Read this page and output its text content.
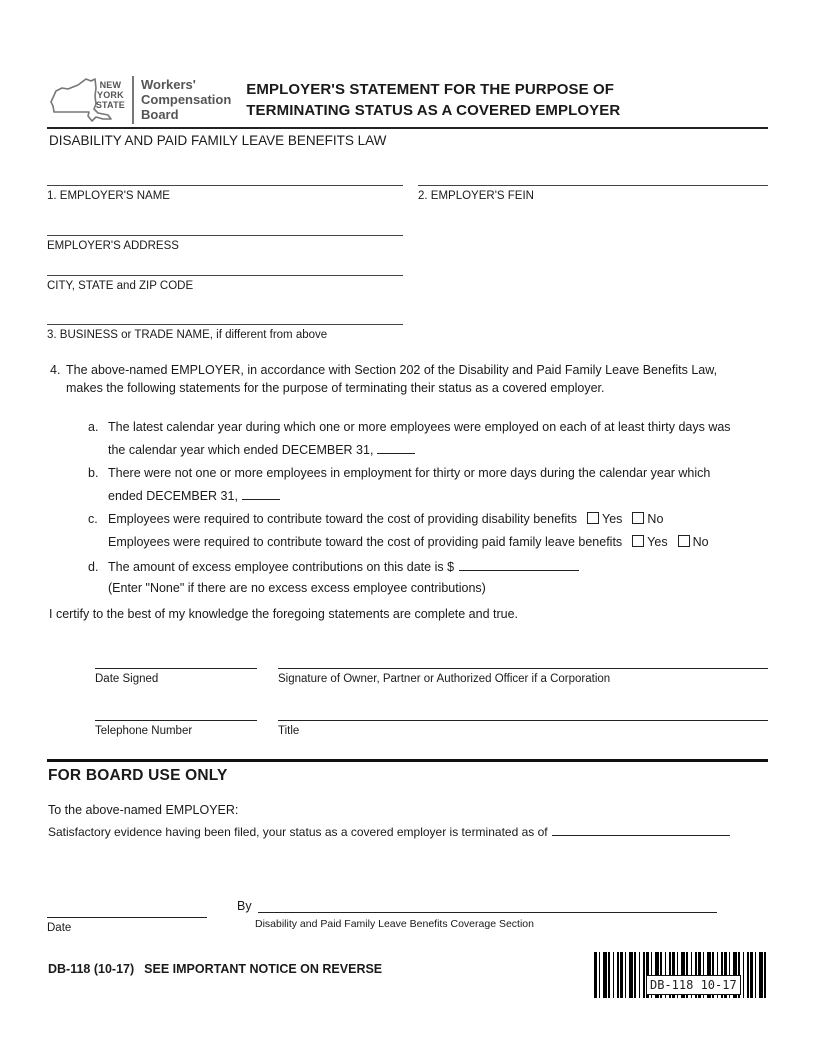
NEW
YORK
STATE
Workers'
Compensation
Board
EMPLOYER'S STATEMENT FOR THE PURPOSE OF
TERMINATING STATUS AS A COVERED EMPLOYER
DISABILITY AND PAID FAMILY LEAVE BENEFITS LAW
1. EMPLOYER'S NAME	2. EMPLOYER'S FEIN
EMPLOYER'S ADDRESS
CITY, STATE and ZIP CODE
3. BUSINESS or TRADE NAME, if different from above
4. The above-named EMPLOYER, in accordance with Section 202 of the Disability and Paid Family Leave Benefits Law,
makes the following statements for the purpose of terminating their status as a covered employer.
a. The latest calendar year during which one or more employees were employed on each of at least thirty days was
the calendar year which ended DECEMBER 31,
b. There were not one or more employees in employment for thirty or more days during the calendar year which
ended DECEMBER 31,
c. Employees were required to contribute toward the cost of providing disability benefits Yes No
Employees were required to contribute toward the cost of providing paid family leave benefits Yes No
d. The amount of excess employee contributions on this date is $
(Enter "None" if there are no excess excess employee contributions)
I certify to the best of my knowledge the foregoing statements are complete and true.
Date Signed	Signature of Owner, Partner or Authorized Officer if a Corporation
Telephone Number	Title
FOR BOARD USE ONLY
To the above-named EMPLOYER:
Satisfactory evidence having been filed, your status as a covered employer is terminated as of
Date
By
Disability and Paid Family Leave Benefits Coverage Section
DB-118 (10-17) SEE IMPORTANT NOTICE ON REVERSE
DB-118 10-17
